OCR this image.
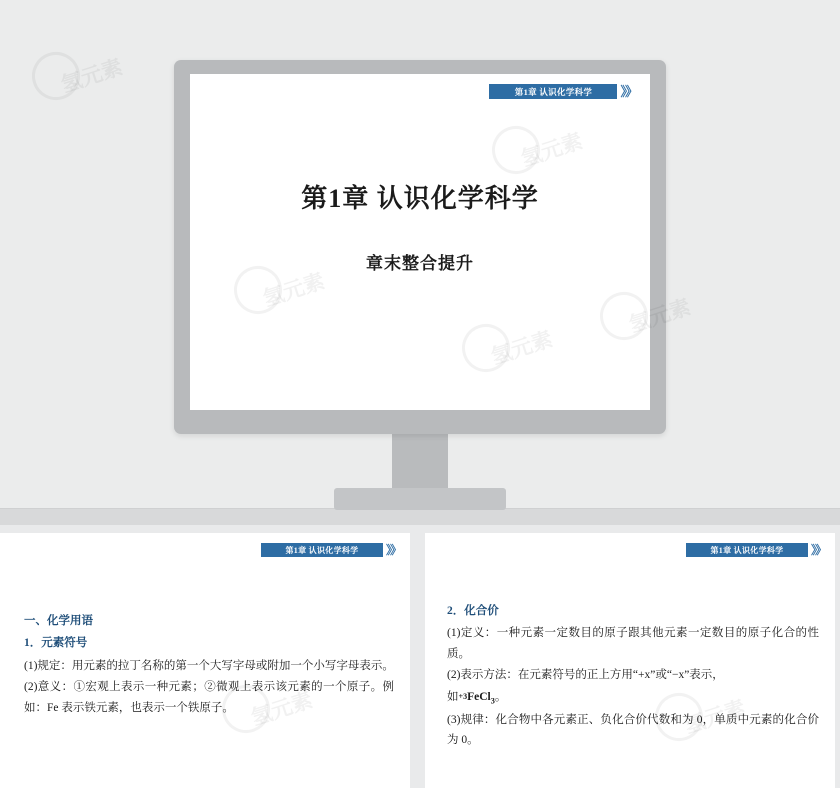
第1章 认识化学科学	》》
第1章 认识化学科学
章末整合提升
氢元素
氢元素
氢元素
氢元素
第1章 认识化学科学	》》
一、化学用语
1．元素符号

(1)规定：用元素的拉丁名称的第一个大写字母或附加一个小写字母表示。

(2)意义：①宏观上表示一种元素；②微观上表示该元素的一个原子。例如：Fe 表示铁元素，也表示一个铁原子。 氢元素
第1章 认识化学科学	》》
2．化合价

(1)定义：一种元素一定数目的原子跟其他元素一定数目的原子化合的性质。

(2)表示方法：在元素符号的正上方用“+x”或“−x”表示，

如+3FeCl$_3$。

(3)规律：化合物中各元素正、负化合价代数和为 0，单质中元素的化合价为 0。

氢元素
